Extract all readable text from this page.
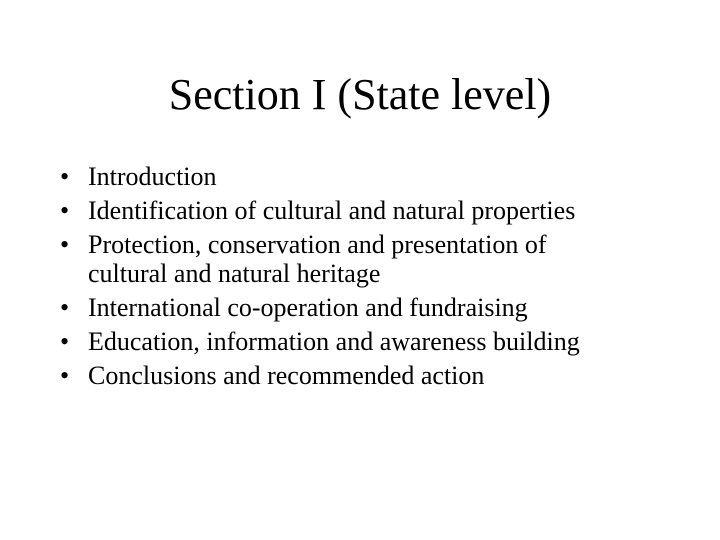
Section I (State level)
• Introduction
• Identification of cultural and natural properties
• Protection, conservation and presentation of
cultural and natural heritage
• International co-operation and fundraising
• Education, information and awareness building
• Conclusions and recommended action
